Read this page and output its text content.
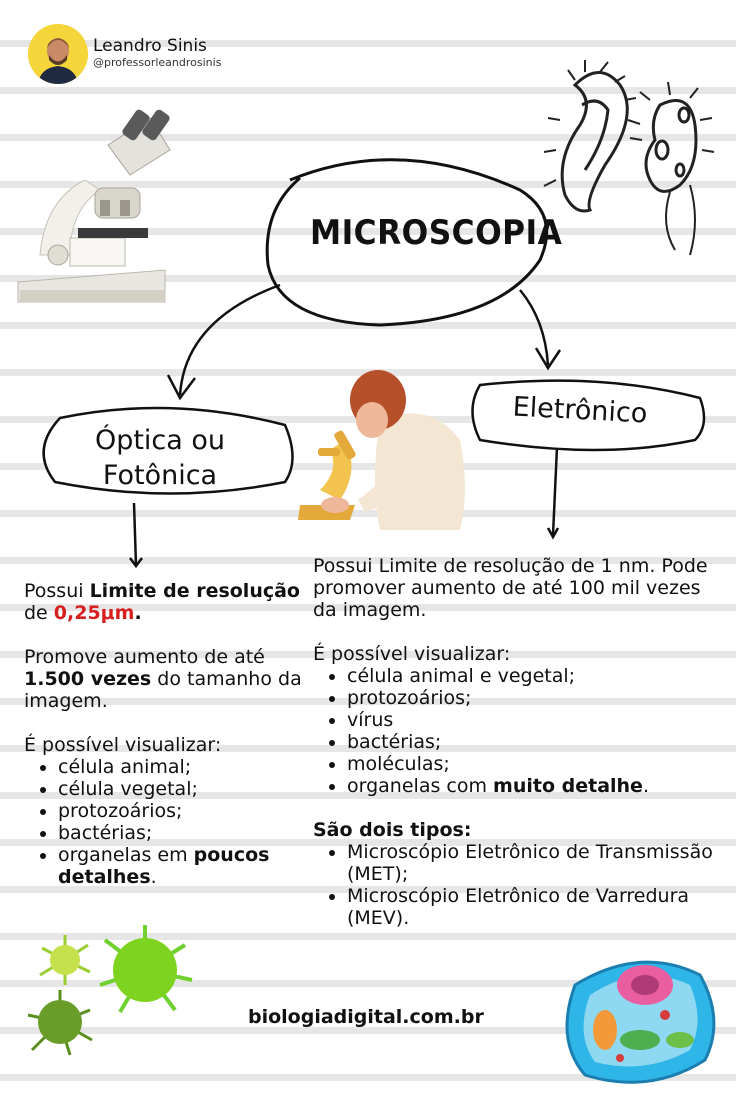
Leandro Sinis
@professorleandrosinis
MICROSCOPIA
Óptica ou
Fotônica
Eletrônico

Possui Limite de resolução de 0,25μm.

Promove aumento de até 1.500 vezes do tamanho da imagem.

É possível visualizar:

• célula animal;
• célula vegetal;
• protozoários;
• bactérias;
• organelas em poucos detalhes.

Possui Limite de resolução de 1 nm. Pode promover aumento de até 100 mil vezes da imagem.

É possível visualizar:

• célula animal e vegetal;
• protozoários;
• vírus
• bactérias;
• moléculas;
• organelas com muito detalhe.

São dois tipos:

• Microscópio Eletrônico de Transmissão (MET);
• Microscópio Eletrônico de Varredura (MEV).
biologiadigital.com.br
